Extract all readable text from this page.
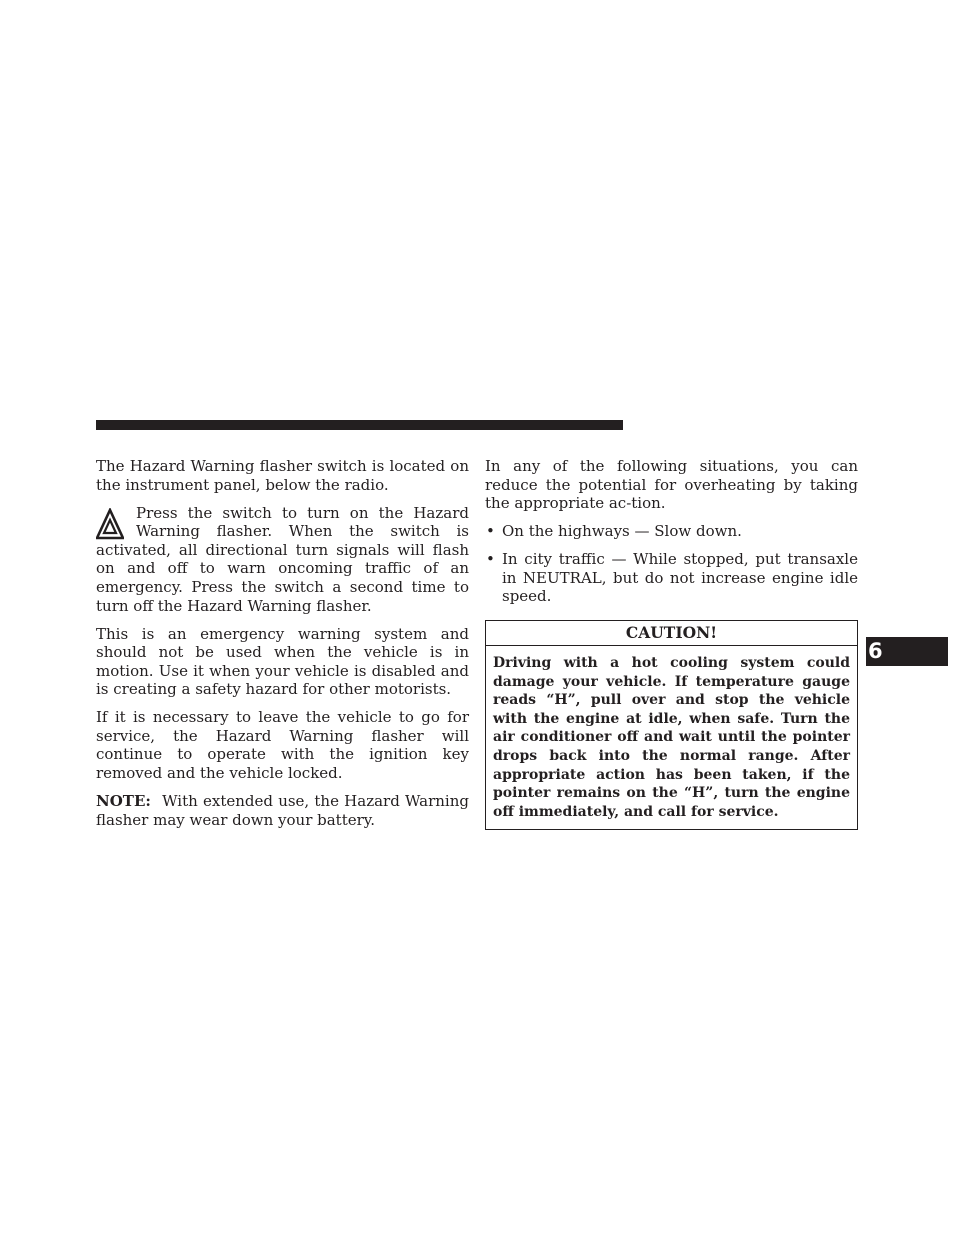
The Hazard Warning flasher switch is located on the instrument panel, below the radio.

Press the switch to turn on the Hazard Warning flasher. When the switch is activated, all directional turn signals will flash on and off to warn oncoming traffic of an emergency. Press the switch a second time to turn off the Hazard Warning flasher.

This is an emergency warning system and should not be used when the vehicle is in motion. Use it when your vehicle is disabled and is creating a safety hazard for other motorists.

If it is necessary to leave the vehicle to go for service, the Hazard Warning flasher will continue to operate with the ignition key removed and the vehicle locked.

NOTE: With extended use, the Hazard Warning flasher may wear down your battery.

In any of the following situations, you can reduce the potential for overheating by taking the appropriate ac-tion.

• On the highways — Slow down.
• In city traffic — While stopped, put transaxle in NEUTRAL, but do not increase engine idle speed.
CAUTION!
Driving with a hot cooling system could damage your vehicle. If temperature gauge reads “H”, pull over and stop the vehicle with the engine at idle, when safe. Turn the air conditioner off and wait until the pointer drops back into the normal range. After appropriate action has been taken, if the pointer remains on the “H”, turn the engine off immediately, and call for service.
6
